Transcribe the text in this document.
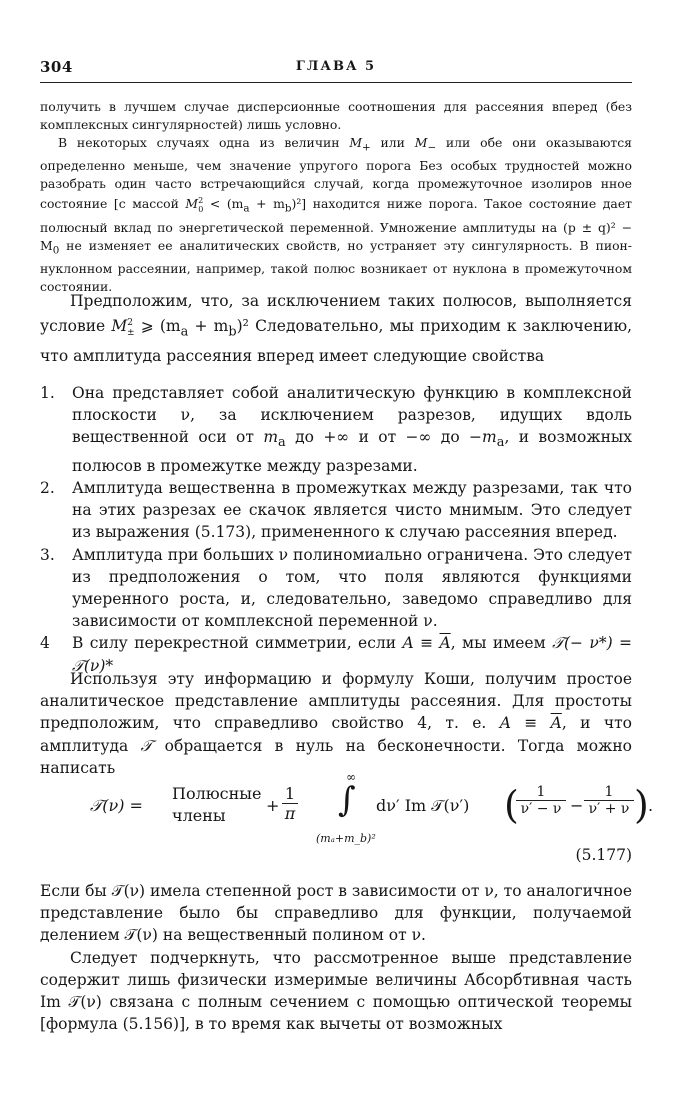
304	ГЛАВА 5

получить в лучшем случае дисперсионные соотношения для рассеяния вперед (без комплексных сингулярностей) лишь условно.

В некоторых случаях одна из величин $M_+$ или $M_-$ или обе они оказываются определенно меньше, чем значение упругого порога Без особых трудностей можно разобрать один часто встречающийся случай, когда промежуточное изолиров нное состояние [с массой $M^2_0 < (m_a + m_b)^2$] находится ниже порога. Такое состояние дает полюсный вклад по энергетической переменной. Умножение амплитуды на $(p \pm q)^2 - M_0$ не изменяет ее аналитических свойств, но устраняет эту сингулярность. В пион-нуклонном рассеянии, например, такой полюс возникает от нуклона в промежуточном состоянии.

Предположим, что, за исключением таких полюсов, выполняется условие $M^2_\pm$ ⩾ $(m_a + m_b)^2$ Следовательно, мы приходим к заключению, что амплитуда рассеяния вперед имеет следующие свойства

1. Она представляет собой аналитическую функцию в комплексной плоскости ν, за исключением разрезов, идущих вдоль вещественной оси от $m_a$ до +∞ и от −∞ до $-m_a$, и возможных полюсов в промежутке между разрезами.
2. Амплитуда вещественна в промежутках между разрезами, так что на этих разрезах ее скачок является чисто мнимым. Это следует из выражения (5.173), примененного к случаю рассеяния вперед.
3. Амплитуда при больших ν полиномиально ограничена. Это следует из предположения о том, что поля являются функциями умеренного роста, и, следовательно, заведомо справедливо для зависимости от комплексной переменной ν.
4 В силу перекрестной симметрии, если $A \equiv \overline{A}$, мы имеем 𝒯(− ν*) = 𝒯(ν)*

Используя эту информацию и формулу Коши, получим простое аналитическое представление амплитуды рассеяния. Для простоты предположим, что справедливо свойство 4, т. е. $A \equiv \overline{A}$, и что амплитуда 𝒯 обращается в нуль на бесконечности. Тогда можно написать

𝒯(ν) =
Полюсные
члены
+ $\frac{1}{\pi}$
∞
∫
(mₐ+m_b)²
dν′ Im 𝒯(ν′) (
$\frac{1}{\nu' - \nu} - \frac{1}{\nu' + \nu}$ ) .
(5.177)

Если бы 𝒯(ν) имела степенной рост в зависимости от ν, то аналогичное представление было бы справедливо для функции, получаемой делением 𝒯(ν) на вещественный полином от ν.

Следует подчеркнуть, что рассмотренное выше представление содержит лишь физически измеримые величины Абсорбтивная часть Im 𝒯(ν) связана с полным сечением с помощью оптической теоремы [формула (5.156)], в то время как вычеты от возможных
